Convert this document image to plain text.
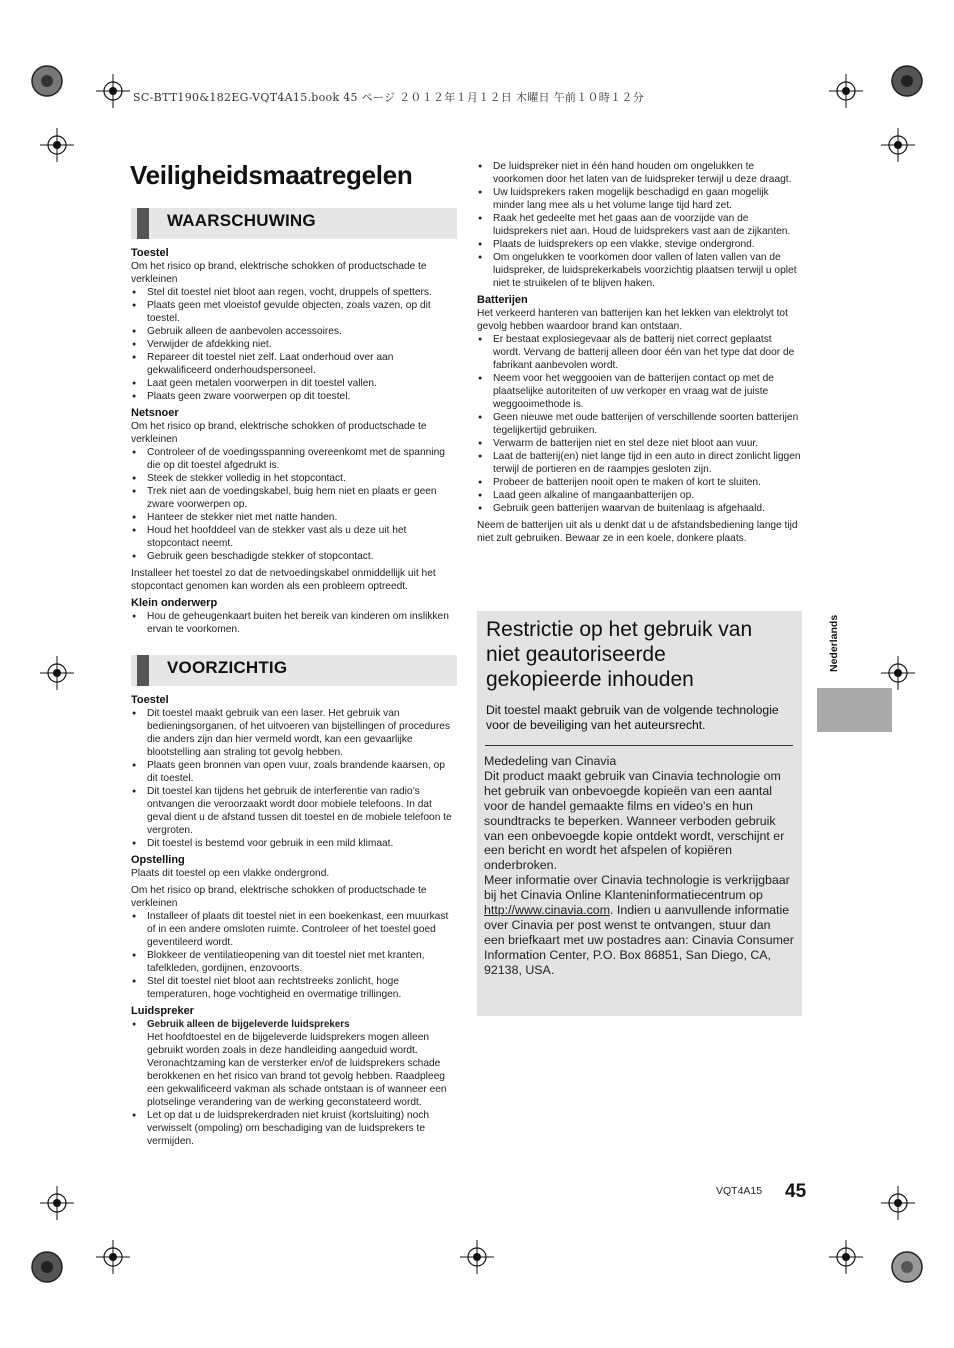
SC-BTT190&182EG-VQT4A15.book 45 ページ ２０１２年１月１２日 木曜日 午前１０時１２分
Veiligheidsmaatregelen
WAARSCHUWING
Toestel

Om het risico op brand, elektrische schokken of productschade te verkleinen

● Stel dit toestel niet bloot aan regen, vocht, druppels of spetters.
● Plaats geen met vloeistof gevulde objecten, zoals vazen, op dit toestel.
● Gebruik alleen de aanbevolen accessoires.
● Verwijder de afdekking niet.
● Repareer dit toestel niet zelf. Laat onderhoud over aan gekwalificeerd onderhoudspersoneel.
● Laat geen metalen voorwerpen in dit toestel vallen.
● Plaats geen zware voorwerpen op dit toestel.
Netsnoer

Om het risico op brand, elektrische schokken of productschade te verkleinen

● Controleer of de voedingsspanning overeenkomt met de spanning die op dit toestel afgedrukt is.
● Steek de stekker volledig in het stopcontact.
● Trek niet aan de voedingskabel, buig hem niet en plaats er geen zware voorwerpen op.
● Hanteer de stekker niet met natte handen.
● Houd het hoofddeel van de stekker vast als u deze uit het stopcontact neemt.
● Gebruik geen beschadigde stekker of stopcontact.

Installeer het toestel zo dat de netvoedingskabel onmiddellijk uit het stopcontact genomen kan worden als een probleem optreedt.

Klein onderwerp
● Hou de geheugenkaart buiten het bereik van kinderen om inslikken ervan te voorkomen.
VOORZICHTIG
Toestel
● Dit toestel maakt gebruik van een laser. Het gebruik van bedieningsorganen, of het uitvoeren van bijstellingen of procedures die anders zijn dan hier vermeld wordt, kan een gevaarlijke blootstelling aan straling tot gevolg hebben.
● Plaats geen bronnen van open vuur, zoals brandende kaarsen, op dit toestel.
● Dit toestel kan tijdens het gebruik de interferentie van radio’s ontvangen die veroorzaakt wordt door mobiele telefoons. In dat geval dient u de afstand tussen dit toestel en de mobiele telefoon te vergroten.
● Dit toestel is bestemd voor gebruik in een mild klimaat.
Opstelling

Plaats dit toestel op een vlakke ondergrond.

Om het risico op brand, elektrische schokken of productschade te verkleinen

● Installeer of plaats dit toestel niet in een boekenkast, een muurkast of in een andere omsloten ruimte. Controleer of het toestel goed geventileerd wordt.
● Blokkeer de ventilatieopening van dit toestel niet met kranten, tafelkleden, gordijnen, enzovoorts.
● Stel dit toestel niet bloot aan rechtstreeks zonlicht, hoge temperaturen, hoge vochtigheid en overmatige trillingen.
Luidspreker
● Gebruik alleen de bijgeleverde luidsprekers
Het hoofdtoestel en de bijgeleverde luidsprekers mogen alleen gebruikt worden zoals in deze handleiding aangeduid wordt. Veronachtzaming kan de versterker en/of de luidsprekers schade berokkenen en het risico van brand tot gevolg hebben. Raadpleeg een gekwalificeerd vakman als schade ontstaan is of wanneer een plotselinge verandering van de werking geconstateerd wordt.
● Let op dat u de luidsprekerdraden niet kruist (kortsluiting) noch verwisselt (ompoling) om beschadiging van de luidsprekers te vermijden.
● De luidspreker niet in één hand houden om ongelukken te voorkomen door het laten van de luidspreker terwijl u deze draagt.
● Uw luidsprekers raken mogelijk beschadigd en gaan mogelijk minder lang mee als u het volume lange tijd hard zet.
● Raak het gedeelte met het gaas aan de voorzijde van de luidsprekers niet aan. Houd de luidsprekers vast aan de zijkanten.
● Plaats de luidsprekers op een vlakke, stevige ondergrond.
● Om ongelukken te voorkomen door vallen of laten vallen van de luidspreker, de luidsprekerkabels voorzichtig plaatsen terwijl u oplet niet te struikelen of te blijven haken.
Batterijen

Het verkeerd hanteren van batterijen kan het lekken van elektrolyt tot gevolg hebben waardoor brand kan ontstaan.

● Er bestaat explosiegevaar als de batterij niet correct geplaatst wordt. Vervang de batterij alleen door één van het type dat door de fabrikant aanbevolen wordt.
● Neem voor het weggooien van de batterijen contact op met de plaatselijke autoriteiten of uw verkoper en vraag wat de juiste weggooimethode is.
● Geen nieuwe met oude batterijen of verschillende soorten batterijen tegelijkertijd gebruiken.
● Verwarm de batterijen niet en stel deze niet bloot aan vuur.
● Laat de batterij(en) niet lange tijd in een auto in direct zonlicht liggen terwijl de portieren en de raampjes gesloten zijn.
● Probeer de batterijen nooit open te maken of kort te sluiten.
● Laad geen alkaline of mangaanbatterijen op.
● Gebruik geen batterijen waarvan de buitenlaag is afgehaald.

Neem de batterijen uit als u denkt dat u de afstandsbediening lange tijd niet zult gebruiken. Bewaar ze in een koele, donkere plaats.

Restrictie op het gebruik van niet geautoriseerde gekopieerde inhouden
Dit toestel maakt gebruik van de volgende technologie voor de beveiliging van het auteursrecht.
Mededeling van Cinavia
Dit product maakt gebruik van Cinavia technologie om het gebruik van onbevoegde kopieën van een aantal voor de handel gemaakte films en video's en hun soundtracks te beperken. Wanneer verboden gebruik van een onbevoegde kopie ontdekt wordt, verschijnt er een bericht en wordt het afspelen of kopiëren onderbroken.
Meer informatie over Cinavia technologie is verkrijgbaar bij het Cinavia Online Klanteninformatiecentrum op
http://www.cinavia.com. Indien u aanvullende informatie over Cinavia per post wenst te ontvangen, stuur dan een briefkaart met uw postadres aan: Cinavia Consumer Information Center, P.O. Box 86851, San Diego, CA, 92138, USA.
Nederlands
VQT4A15 45
